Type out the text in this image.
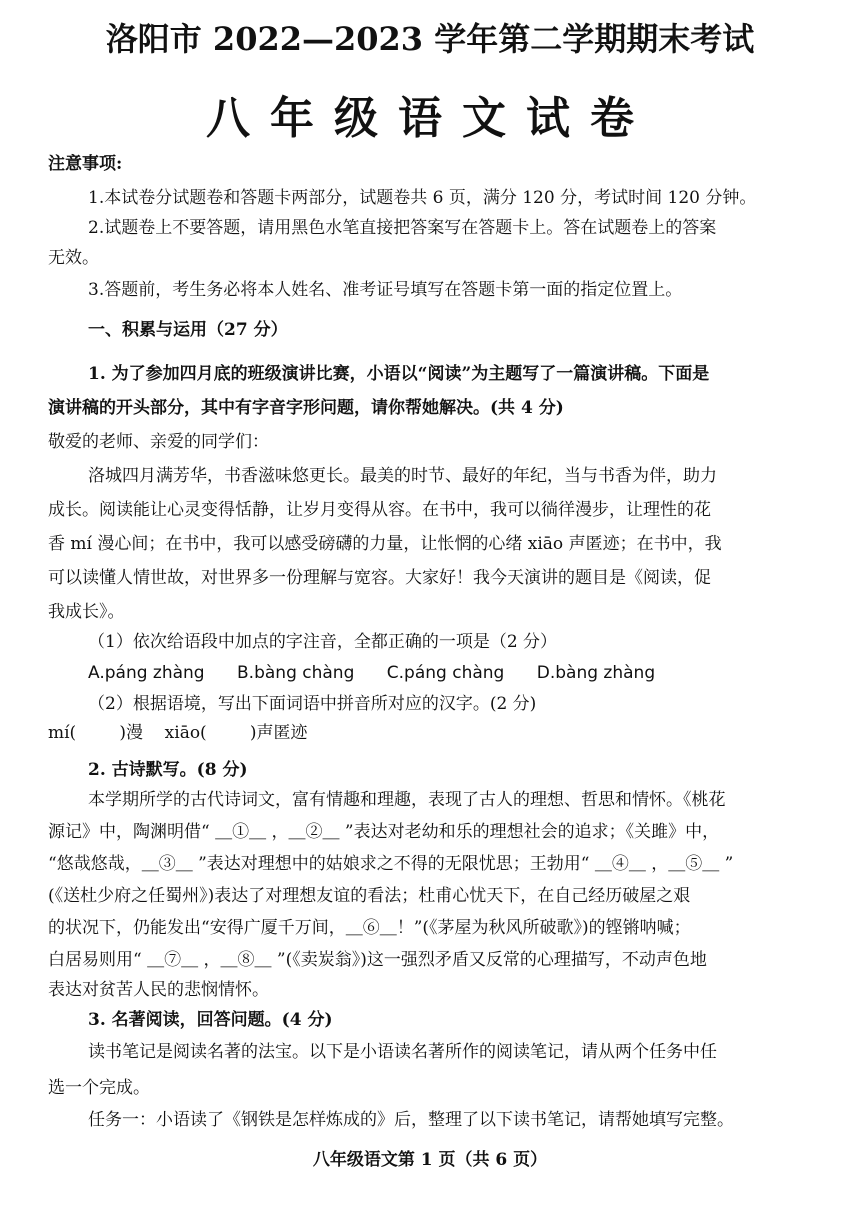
洛阳市 2022—2023 学年第二学期期末考试
八年级语文试卷
注意事项:
1.本试卷分试题卷和答题卡两部分，试题卷共 6 页，满分 120 分，考试时间 120 分钟。
2.试题卷上不要答题，请用黑色水笔直接把答案写在答题卡上。答在试题卷上的答案
无效。
3.答题前，考生务必将本人姓名、准考证号填写在答题卡第一面的指定位置上。
一、积累与运用（27 分）
1. 为了参加四月底的班级演讲比赛，小语以“阅读”为主题写了一篇演讲稿。下面是
演讲稿的开头部分，其中有字音字形问题，请你帮她解决。(共 4 分)
敬爱的老师、亲爱的同学们：
洛城四月满芳华，书香滋味悠更长。最美的时节、最好的年纪，当与书香为伴，助力
成长。阅读能让心灵变得恬静，让岁月变得从容。在书中，我可以徜徉漫步，让理性的花
香 mí 漫心间；在书中，我可以感受磅礴的力量，让怅惘的心绪 xiāo 声匿迹；在书中，我
可以读懂人情世故，对世界多一份理解与宽容。大家好！我今天演讲的题目是《阅读，促
我成长》。
（1）依次给语段中加点的字注音，全都正确的一项是（2 分）
A.páng zhàng      B.bàng chàng      C.páng chàng      D.bàng zhàng
（2）根据语境，写出下面词语中拼音所对应的汉字。(2 分)
mí(        )漫    xiāo(        )声匿迹
2. 古诗默写。(8 分)
本学期所学的古代诗词文，富有情趣和理趣，表现了古人的理想、哲思和情怀。《桃花
源记》中，陶渊明借“ ＿①＿ ，＿②＿ ”表达对老幼和乐的理想社会的追求；《关雎》中，
“悠哉悠哉，＿③＿ ”表达对理想中的姑娘求之不得的无限忧思；王勃用“ ＿④＿ ，＿⑤＿ ”
(《送杜少府之任蜀州》)表达了对理想友谊的看法；杜甫心忧天下，在自己经历破屋之艰
的状况下，仍能发出“安得广厦千万间，＿⑥＿！”(《茅屋为秋风所破歌》)的铿锵呐喊；
白居易则用“ ＿⑦＿ ，＿⑧＿ ”(《卖炭翁》)这一强烈矛盾又反常的心理描写，不动声色地
表达对贫苦人民的悲悯情怀。
3. 名著阅读，回答问题。(4 分)
读书笔记是阅读名著的法宝。以下是小语读名著所作的阅读笔记，请从两个任务中任
选一个完成。
任务一：小语读了《钢铁是怎样炼成的》后，整理了以下读书笔记，请帮她填写完整。
八年级语文第 1 页（共 6 页）
